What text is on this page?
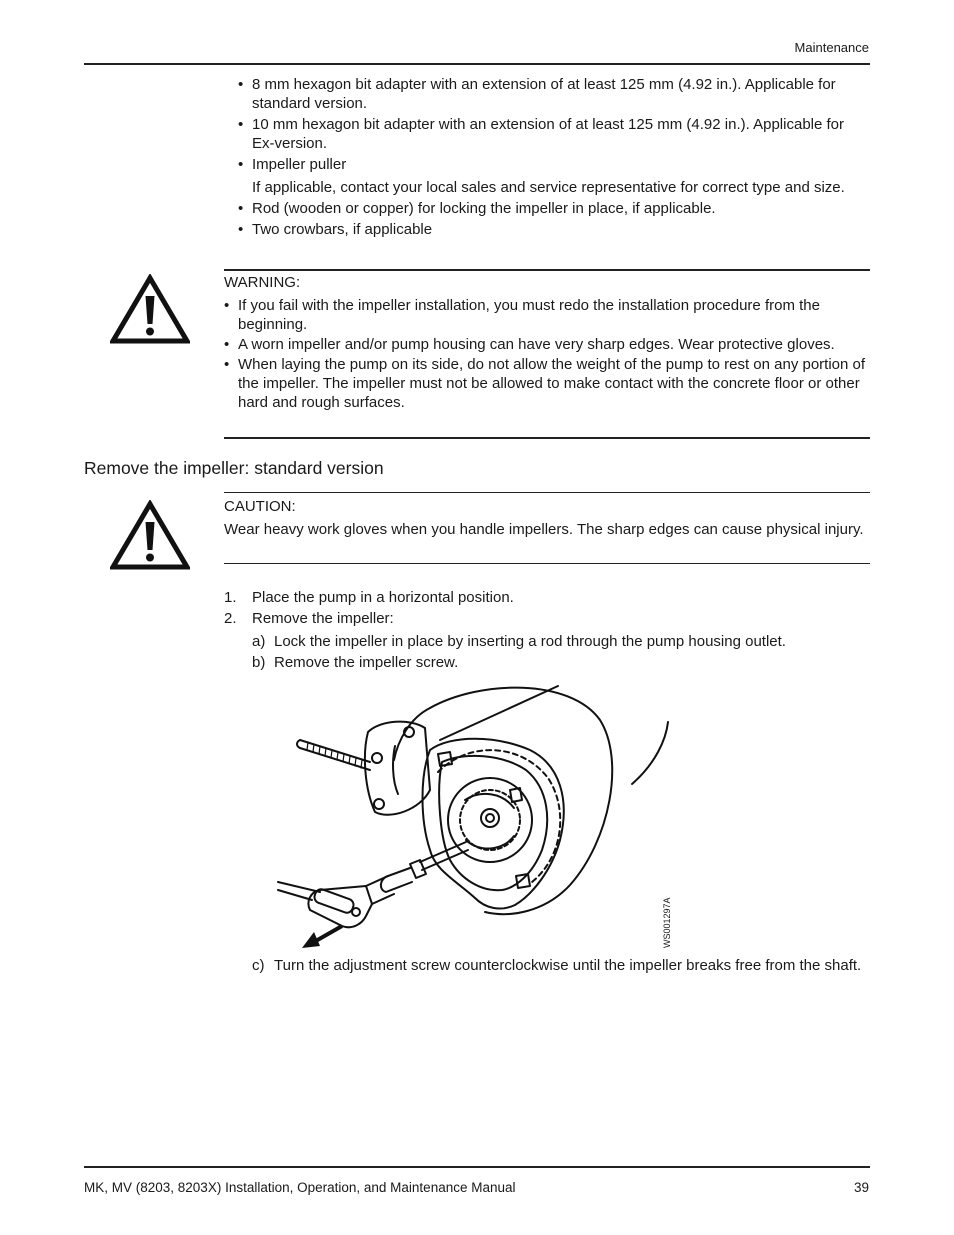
Maintenance
• 8 mm hexagon bit adapter with an extension of at least 125 mm (4.92 in.). Applicable for standard version.
• 10 mm hexagon bit adapter with an extension of at least 125 mm (4.92 in.). Applicable for Ex-version.
• Impeller puller
If applicable, contact your local sales and service representative for correct type and size.
• Rod (wooden or copper) for locking the impeller in place, if applicable.
• Two crowbars, if applicable
WARNING:
• If you fail with the impeller installation, you must redo the installation procedure from the beginning.
• A worn impeller and/or pump housing can have very sharp edges. Wear protective gloves.
• When laying the pump on its side, do not allow the weight of the pump to rest on any portion of the impeller. The impeller must not be allowed to make contact with the concrete floor or other hard and rough surfaces.
Remove the impeller: standard version
CAUTION:
Wear heavy work gloves when you handle impellers. The sharp edges can cause physical injury.
1. Place the pump in a horizontal position.
2. Remove the impeller:
a) Lock the impeller in place by inserting a rod through the pump housing outlet.
b) Remove the impeller screw.
WS001297A
c) Turn the adjustment screw counterclockwise until the impeller breaks free from the shaft.
MK, MV (8203, 8203X) Installation, Operation, and Maintenance Manual	39
